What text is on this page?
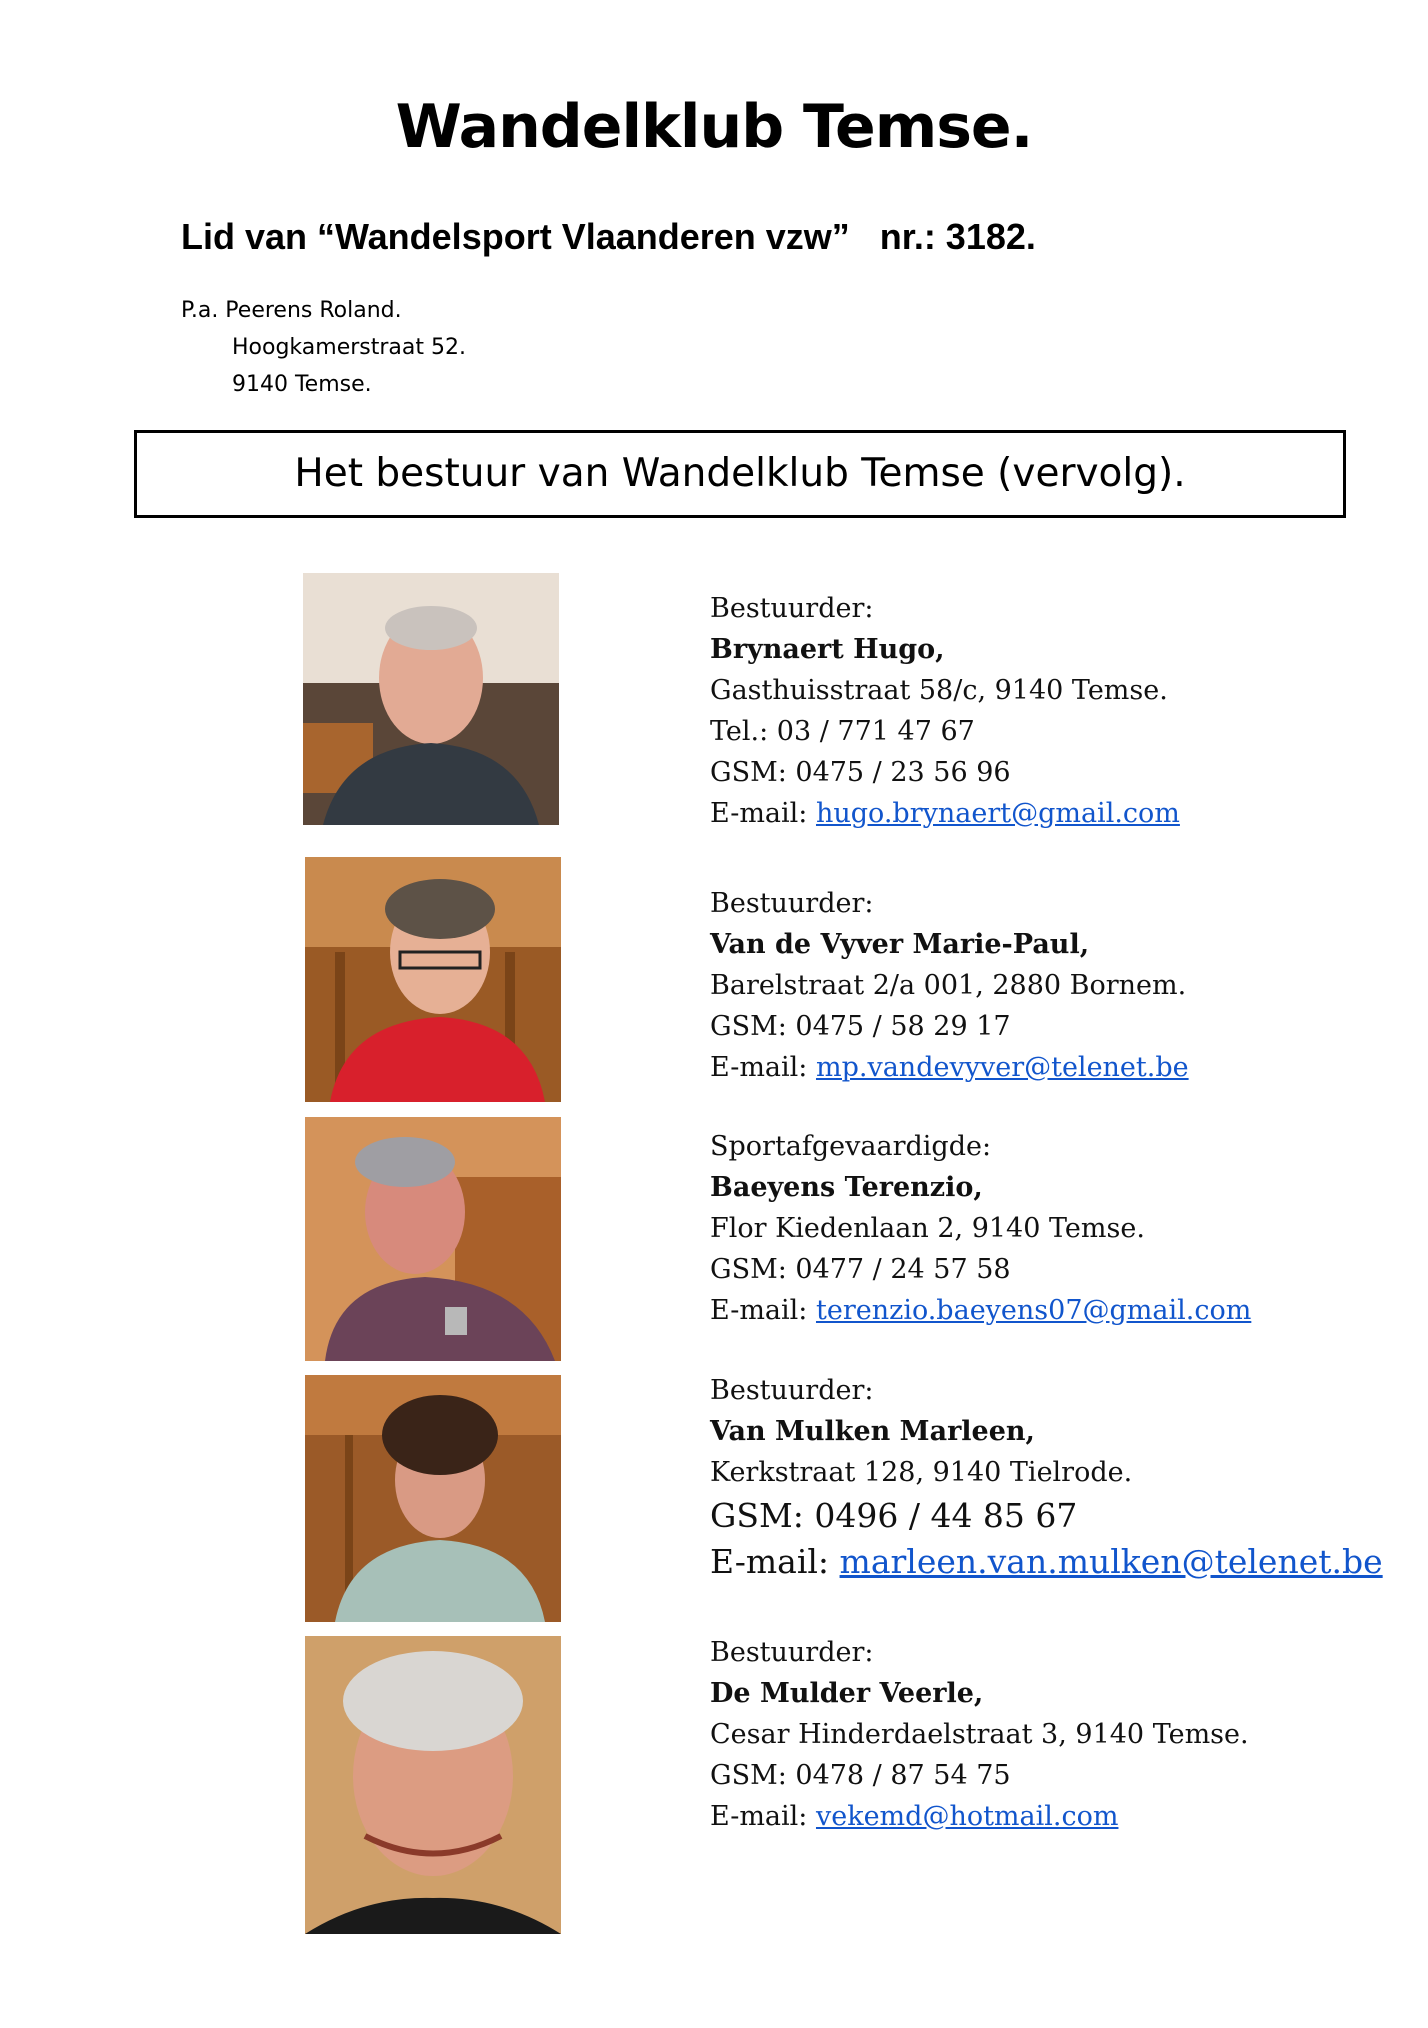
Wandelklub Temse.
Lid van “Wandelsport Vlaanderen vzw”   nr.: 3182.
P.a. Peerens Roland.
Hoogkamerstraat 52.
9140 Temse.
Het bestuur van Wandelklub Temse (vervolg).
Bestuurder:
Brynaert Hugo,
Gasthuisstraat 58/c, 9140 Temse.
Tel.: 03 / 771 47 67
GSM: 0475 / 23 56 96
E-mail: hugo.brynaert@gmail.com
Bestuurder:
Van de Vyver Marie-Paul,
Barelstraat 2/a 001, 2880 Bornem.
GSM: 0475 / 58 29 17
E-mail: mp.vandevyver@telenet.be
Sportafgevaardigde:
Baeyens Terenzio,
Flor Kiedenlaan 2, 9140 Temse.
GSM: 0477 / 24 57 58
E-mail: terenzio.baeyens07@gmail.com
Bestuurder:
Van Mulken Marleen,
Kerkstraat 128, 9140 Tielrode.
GSM: 0496 / 44 85 67
E-mail: marleen.van.mulken@telenet.be
Bestuurder:
De Mulder Veerle,
Cesar Hinderdaelstraat 3, 9140 Temse.
GSM: 0478 / 87 54 75
E-mail: vekemd@hotmail.com
